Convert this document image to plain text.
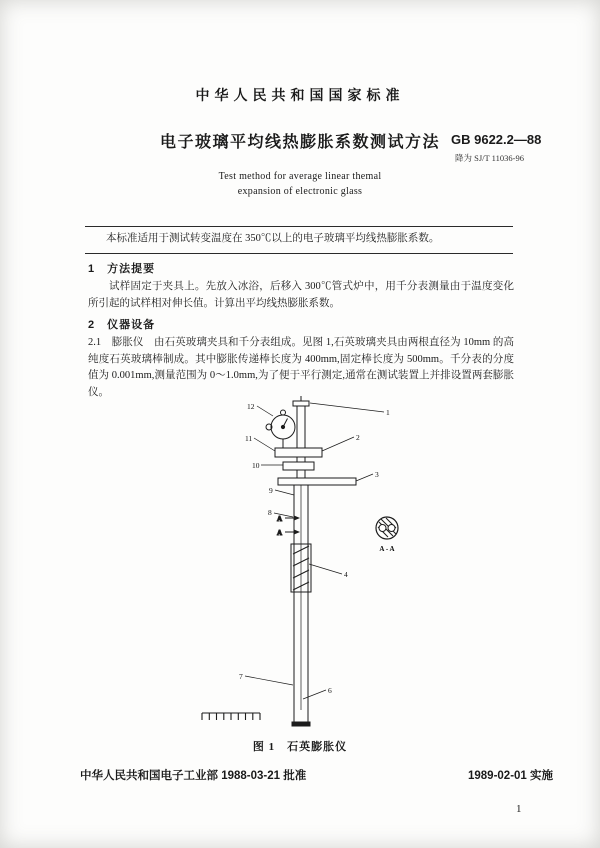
中华人民共和国国家标准
电子玻璃平均线热膨胀系数测试方法 GB 9622.2—88
降为 SJ/T 11036-96
Test method for average linear themal
expansion of electronic glass
本标准适用于测试转变温度在 350℃以上的电子玻璃平均线热膨胀系数。
1　方法提要
试样固定于夹具上。先放入冰浴，后移入 300℃管式炉中，用千分表测量由于温度变化所引起的试样相对伸长值。计算出平均线热膨胀系数。
2　仪器设备
2.1　膨胀仪　由石英玻璃夹具和千分表组成。见图 1,石英玻璃夹具由两根直径为 10mm 的高纯度石英玻璃棒制成。其中膨胀传递棒长度为 400mm,固定棒长度为 500mm。千分表的分度值为 0.001mm,测量范围为 0～1.0mm,为了便于平行测定,通常在测试装置上并排设置两套膨胀仪。
A
A
A - A
12
1
2
11
10
3
9
8
4
7
6
图 1　石英膨胀仪
中华人民共和国电子工业部 1988-03-21 批准	1989-02-01 实施
1
